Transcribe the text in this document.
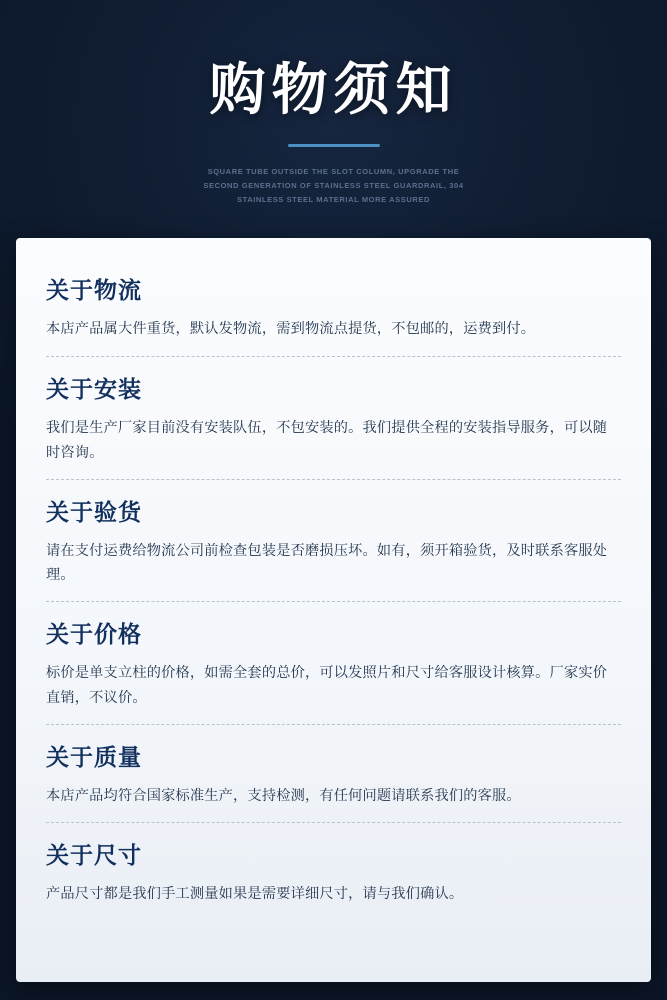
购物须知
SQUARE TUBE OUTSIDE THE SLOT COLUMN, UPGRADE THE SECOND GENERATION OF STAINLESS STEEL GUARDRAIL, 304 STAINLESS STEEL MATERIAL MORE ASSURED
关于物流
本店产品属大件重货，默认发物流，需到物流点提货，不包邮的，运费到付。
关于安装
我们是生产厂家目前没有安装队伍，不包安装的。我们提供全程的安装指导服务，可以随时咨询。
关于验货
请在支付运费给物流公司前检查包装是否磨损压坏。如有，须开箱验货，及时联系客服处理。
关于价格
标价是单支立柱的价格，如需全套的总价，可以发照片和尺寸给客服设计核算。厂家实价直销，不议价。
关于质量
本店产品均符合国家标准生产，支持检测，有任何问题请联系我们的客服。
关于尺寸
产品尺寸都是我们手工测量如果是需要详细尺寸，请与我们确认。
